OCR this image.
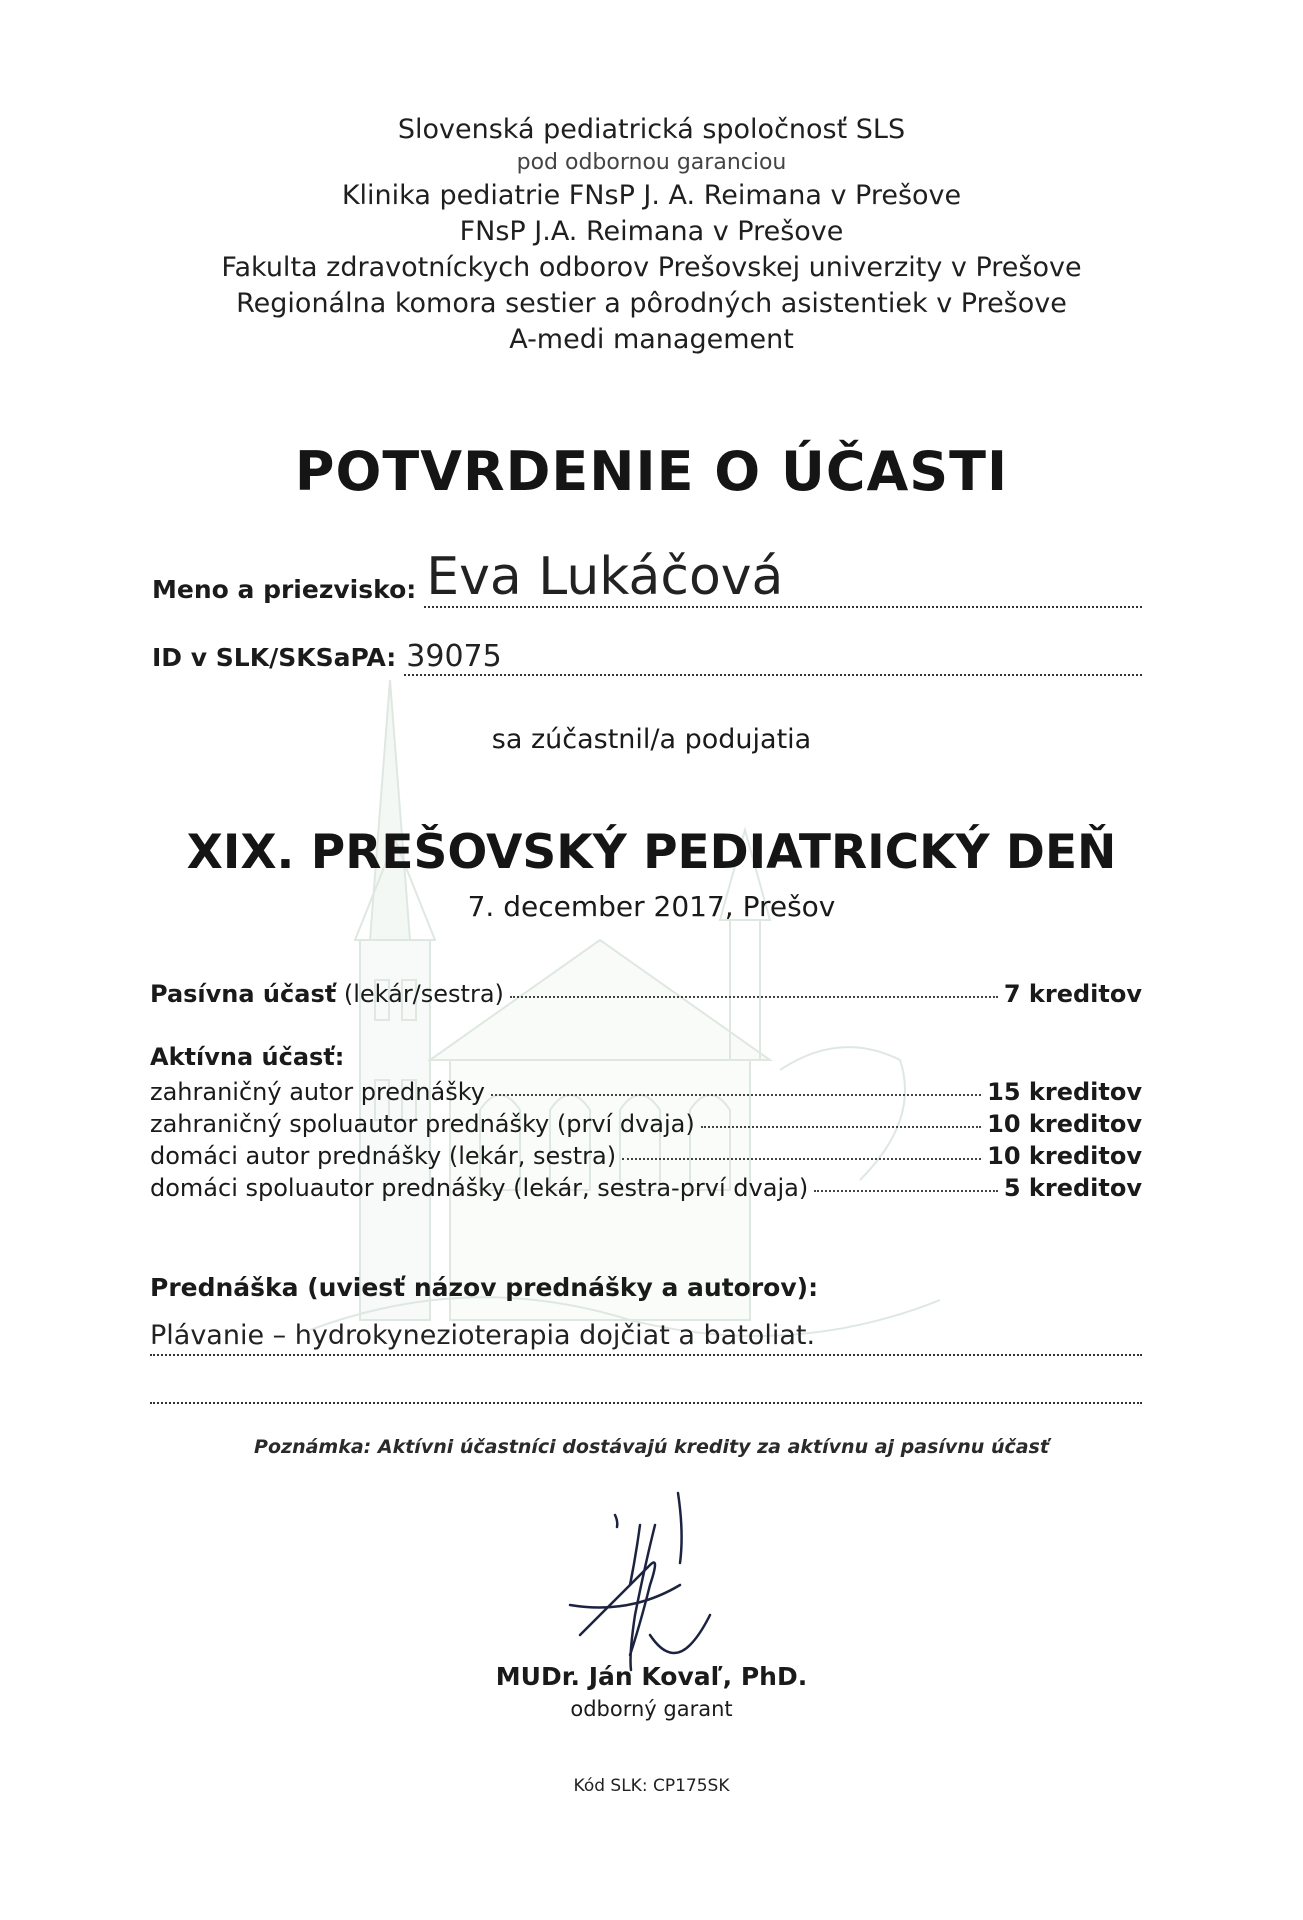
Slovenská pediatrická spoločnosť SLS
pod odbornou garanciou
Klinika pediatrie FNsP J. A. Reimana v Prešove
FNsP J.A. Reimana v Prešove
Fakulta zdravotníckych odborov Prešovskej univerzity v Prešove
Regionálna komora sestier a pôrodných asistentiek v Prešove
A-medi management
POTVRDENIE O ÚČASTI
Meno a priezvisko: Eva Lukáčová
ID v SLK/SKSaPA: 39075
sa zúčastnil/a podujatia
XIX. PREŠOVSKÝ PEDIATRICKÝ DEŇ
7. december 2017, Prešov
Pasívna účasť (lekár/sestra)	7 kreditov
Aktívna účasť:
zahraničný autor prednášky	15 kreditov
zahraničný spoluautor prednášky (prví dvaja)	10 kreditov
domáci autor prednášky (lekár, sestra)	10 kreditov
domáci spoluautor prednášky (lekár, sestra-prví dvaja)	5 kreditov
Prednáška (uviesť názov prednášky a autorov):
Plávanie – hydrokynezioterapia dojčiat a batoliat.
Poznámka: Aktívni účastníci dostávajú kredity za aktívnu aj pasívnu účasť
MUDr. Ján Kovaľ, PhD.
odborný garant
Kód SLK: CP175SK
